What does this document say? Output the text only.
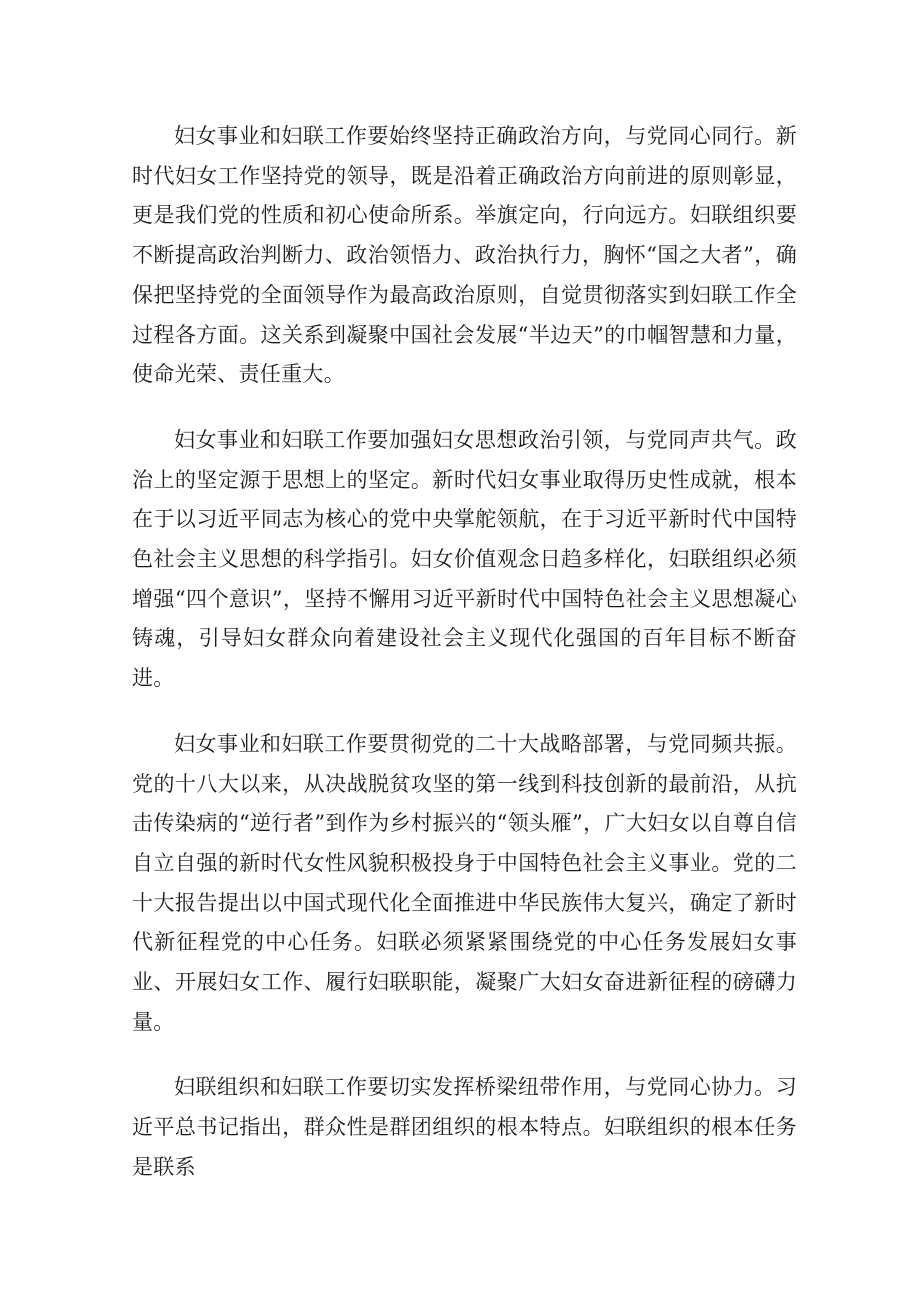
妇女事业和妇联工作要始终坚持正确政治方向，与党同心同行。新时代妇女工作坚持党的领导，既是沿着正确政治方向前进的原则彰显，更是我们党的性质和初心使命所系。举旗定向，行向远方。妇联组织要不断提高政治判断力、政治领悟力、政治执行力，胸怀“国之大者”，确保把坚持党的全面领导作为最高政治原则，自觉贯彻落实到妇联工作全过程各方面。这关系到凝聚中国社会发展“半边天”的巾帼智慧和力量，使命光荣、责任重大。

妇女事业和妇联工作要加强妇女思想政治引领，与党同声共气。政治上的坚定源于思想上的坚定。新时代妇女事业取得历史性成就，根本在于以习近平同志为核心的党中央掌舵领航，在于习近平新时代中国特色社会主义思想的科学指引。妇女价值观念日趋多样化，妇联组织必须增强“四个意识”，坚持不懈用习近平新时代中国特色社会主义思想凝心铸魂，引导妇女群众向着建设社会主义现代化强国的百年目标不断奋进。

妇女事业和妇联工作要贯彻党的二十大战略部署，与党同频共振。党的十八大以来，从决战脱贫攻坚的第一线到科技创新的最前沿，从抗击传染病的“逆行者”到作为乡村振兴的“领头雁”，广大妇女以自尊自信自立自强的新时代女性风貌积极投身于中国特色社会主义事业。党的二十大报告提出以中国式现代化全面推进中华民族伟大复兴，确定了新时代新征程党的中心任务。妇联必须紧紧围绕党的中心任务发展妇女事业、开展妇女工作、履行妇联职能，凝聚广大妇女奋进新征程的磅礴力量。

妇联组织和妇联工作要切实发挥桥梁纽带作用，与党同心协力。习近平总书记指出，群众性是群团组织的根本特点。妇联组织的根本任务是联系
